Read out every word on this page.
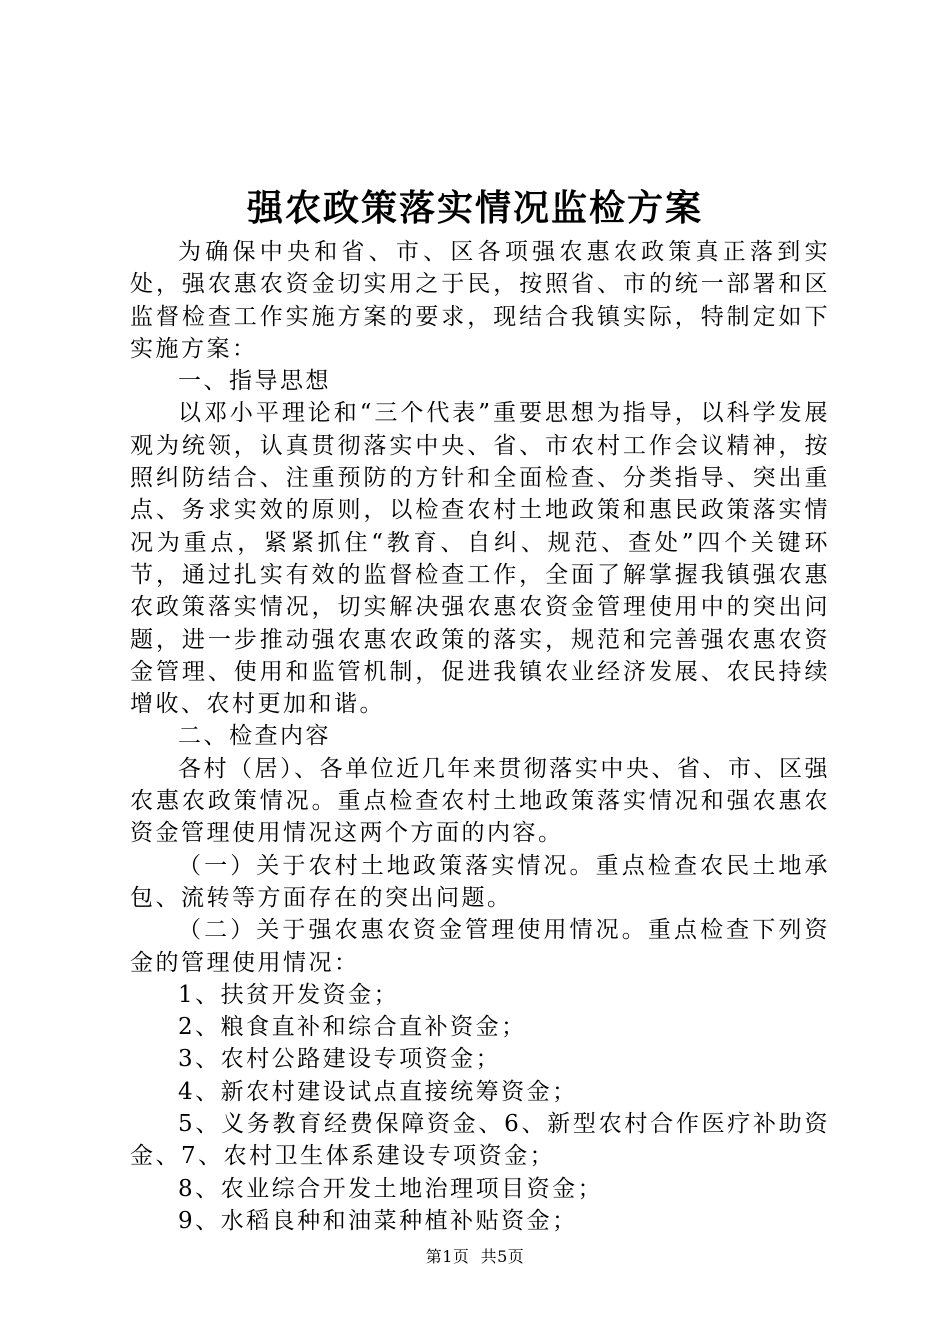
强农政策落实情况监检方案

为确保中央和省、市、区各项强农惠农政策真正落到实处，强农惠农资金切实用之于民，按照省、市的统一部署和区监督检查工作实施方案的要求，现结合我镇实际，特制定如下实施方案：

一、指导思想

以邓小平理论和“三个代表”重要思想为指导，以科学发展观为统领，认真贯彻落实中央、省、市农村工作会议精神，按照纠防结合、注重预防的方针和全面检查、分类指导、突出重点、务求实效的原则，以检查农村土地政策和惠民政策落实情况为重点，紧紧抓住“教育、自纠、规范、查处”四个关键环节，通过扎实有效的监督检查工作，全面了解掌握我镇强农惠农政策落实情况，切实解决强农惠农资金管理使用中的突出问题，进一步推动强农惠农政策的落实，规范和完善强农惠农资金管理、使用和监管机制，促进我镇农业经济发展、农民持续增收、农村更加和谐。

二、检查内容

各村（居）、各单位近几年来贯彻落实中央、省、市、区强农惠农政策情况。重点检查农村土地政策落实情况和强农惠农资金管理使用情况这两个方面的内容。

（一）关于农村土地政策落实情况。重点检查农民土地承包、流转等方面存在的突出问题。

（二）关于强农惠农资金管理使用情况。重点检查下列资金的管理使用情况：

1、扶贫开发资金；

2、粮食直补和综合直补资金；

3、农村公路建设专项资金；

4、新农村建设试点直接统筹资金；

5、义务教育经费保障资金、6、新型农村合作医疗补助资金、7、农村卫生体系建设专项资金；

8、农业综合开发土地治理项目资金；

9、水稻良种和油菜种植补贴资金；

第1页 共5页
